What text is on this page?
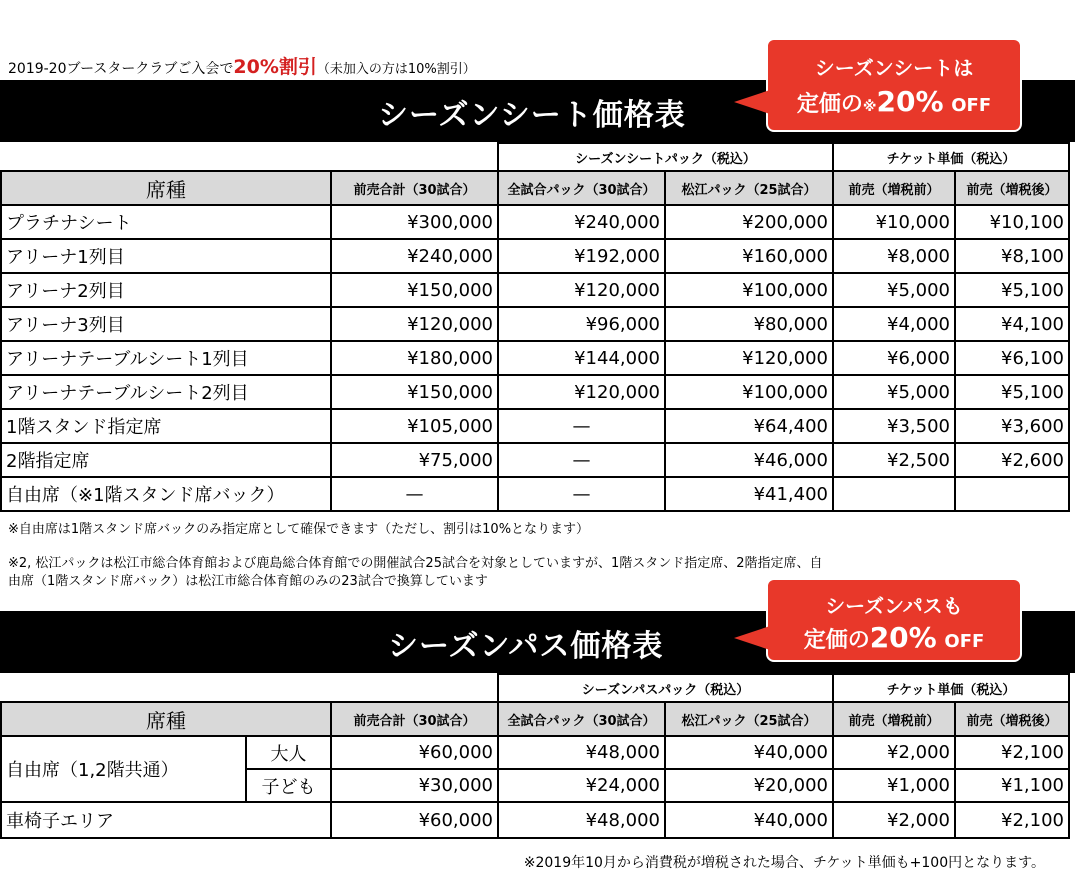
2019-20ブースタークラブご入会で20%割引（未加入の方は10%割引）
シーズンシート価格表
シーズンシートは
定価の※20% OFF
		シーズンシートパック（税込）		チケット単価（税込）	
席種	前売合計（30試合）	全試合パック（30試合）	松江パック（25試合）	前売（増税前）	前売（増税後）
プラチナシート	¥300,000	¥240,000	¥200,000	¥10,000	¥10,100
アリーナ1列目	¥240,000	¥192,000	¥160,000	¥8,000	¥8,100
アリーナ2列目	¥150,000	¥120,000	¥100,000	¥5,000	¥5,100
アリーナ3列目	¥120,000	¥96,000	¥80,000	¥4,000	¥4,100
アリーナテーブルシート1列目	¥180,000	¥144,000	¥120,000	¥6,000	¥6,100
アリーナテーブルシート2列目	¥150,000	¥120,000	¥100,000	¥5,000	¥5,100
1階スタンド指定席	¥105,000	—	¥64,400	¥3,500	¥3,600
2階指定席	¥75,000	—	¥46,000	¥2,500	¥2,600
自由席（※1階スタンド席バック）	—	—	¥41,400		
※自由席は1階スタンド席バックのみ指定席として確保できます（ただし、割引は10%となります）
※2, 松江パックは松江市総合体育館および鹿島総合体育館での開催試合25試合を対象としていますが、1階スタンド指定席、2階指定席、自
由席（1階スタンド席バック）は松江市総合体育館のみの23試合で換算しています
シーズンパス価格表
シーズンパスも
定価の20% OFF
			シーズンパスパック（税込）		チケット単価（税込）	
席種		前売合計（30試合）	全試合パック（30試合）	松江パック（25試合）	前売（増税前）	前売（増税後）
自由席（1,2階共通）	大人	¥60,000	¥48,000	¥40,000	¥2,000	¥2,100
	子ども	¥30,000	¥24,000	¥20,000	¥1,000	¥1,100
車椅子エリア		¥60,000	¥48,000	¥40,000	¥2,000	¥2,100
※2019年10月から消費税が増税された場合、チケット単価も+100円となります。
